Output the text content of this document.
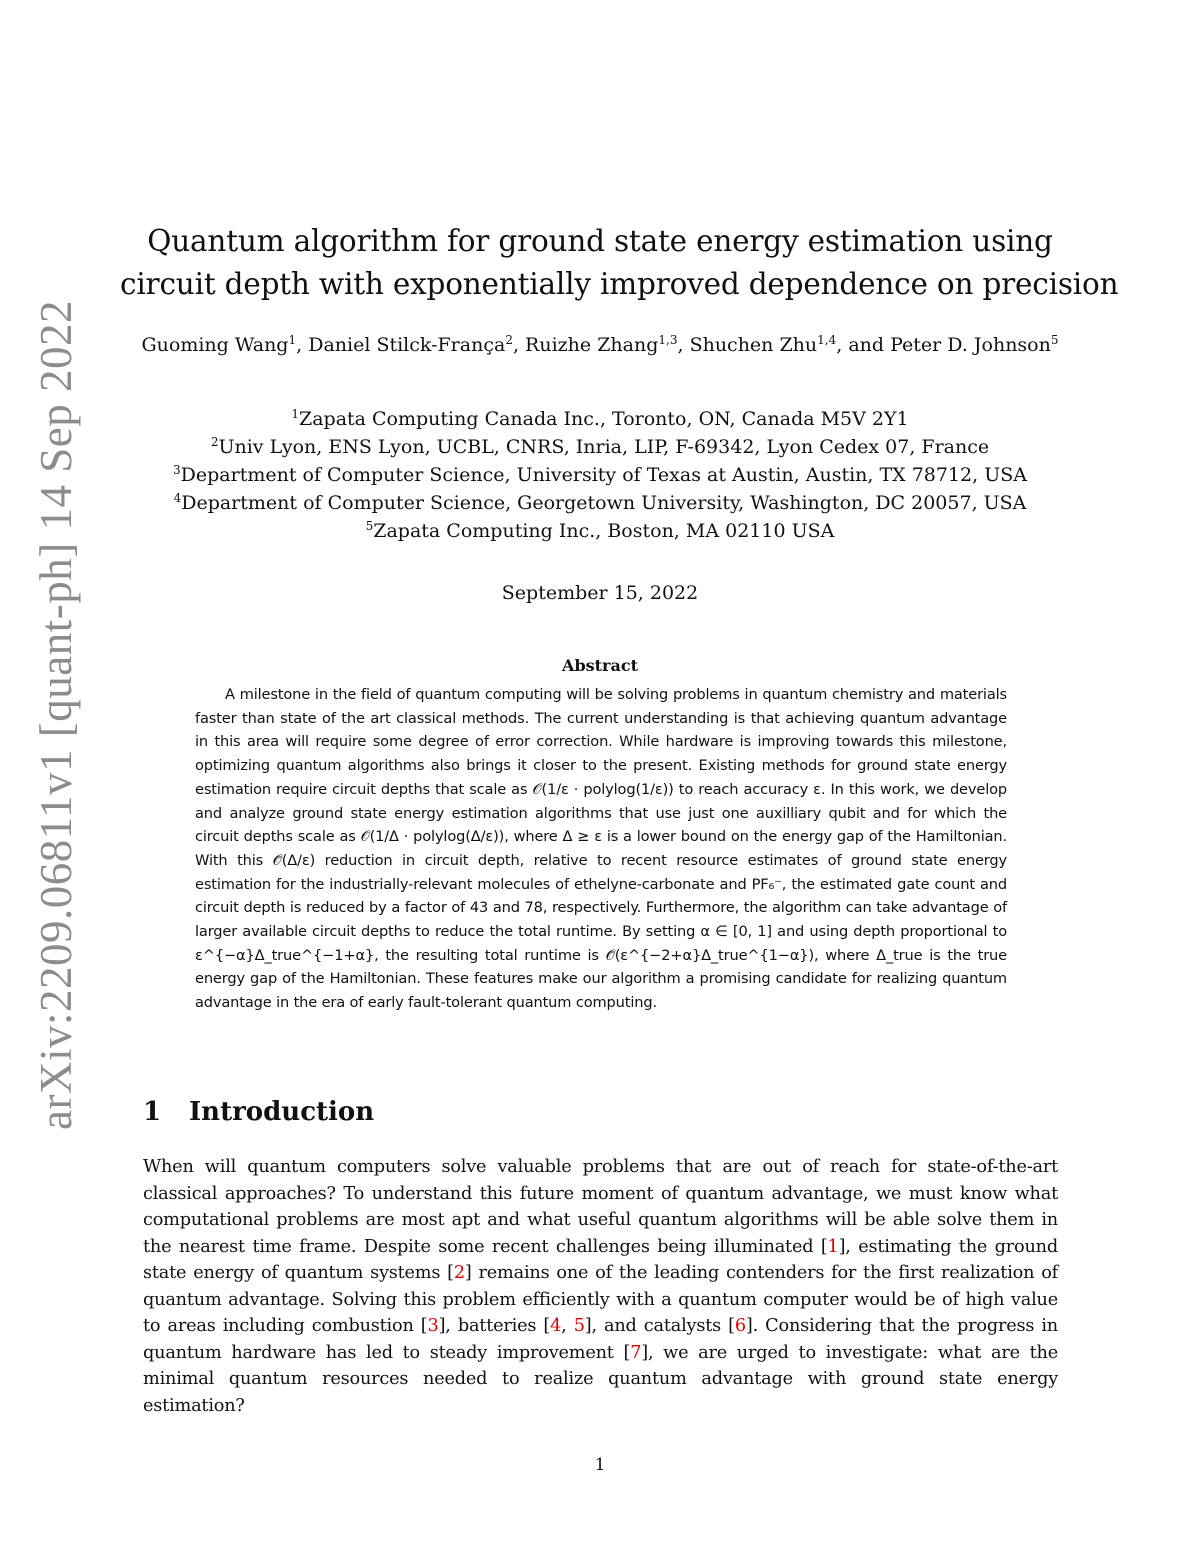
arXiv:2209.06811v1 [quant-ph] 14 Sep 2022
Quantum algorithm for ground state energy estimation using
circuit depth with exponentially improved dependence on precision
Guoming Wang$^1$, Daniel Stilck-França$^2$, Ruizhe Zhang$^{1,3}$, Shuchen Zhu$^{1,4}$, and Peter D. Johnson$^5$
$^1$Zapata Computing Canada Inc., Toronto, ON, Canada M5V 2Y1
$^2$Univ Lyon, ENS Lyon, UCBL, CNRS, Inria, LIP, F-69342, Lyon Cedex 07, France
$^3$Department of Computer Science, University of Texas at Austin, Austin, TX 78712, USA
$^4$Department of Computer Science, Georgetown University, Washington, DC 20057, USA
$^5$Zapata Computing Inc., Boston, MA 02110 USA
September 15, 2022
Abstract

A milestone in the field of quantum computing will be solving problems in quantum chemistry and materials faster than state of the art classical methods. The current understanding is that achieving quantum advantage in this area will require some degree of error correction. While hardware is improving towards this milestone, optimizing quantum algorithms also brings it closer to the present. Existing methods for ground state energy estimation require circuit depths that scale as 𝒪(1/ε · polylog(1/ε)) to reach accuracy ε. In this work, we develop and analyze ground state energy estimation algorithms that use just one auxilliary qubit and for which the circuit depths scale as 𝒪(1/Δ · polylog(Δ/ε)), where Δ ≥ ε is a lower bound on the energy gap of the Hamiltonian. With this 𝒪̃(Δ/ε) reduction in circuit depth, relative to recent resource estimates of ground state energy estimation for the industrially-relevant molecules of ethelyne-carbonate and PF₆⁻, the estimated gate count and circuit depth is reduced by a factor of 43 and 78, respectively. Furthermore, the algorithm can take advantage of larger available circuit depths to reduce the total runtime. By setting α ∈ [0, 1] and using depth proportional to ε^{−α}Δ_true^{−1+α}, the resulting total runtime is 𝒪̃(ε^{−2+α}Δ_true^{1−α}), where Δ_true is the true energy gap of the Hamiltonian. These features make our algorithm a promising candidate for realizing quantum advantage in the era of early fault-tolerant quantum computing.

1 Introduction

When will quantum computers solve valuable problems that are out of reach for state-of-the-art classical approaches? To understand this future moment of quantum advantage, we must know what computational problems are most apt and what useful quantum algorithms will be able solve them in the nearest time frame. Despite some recent challenges being illuminated [1], estimating the ground state energy of quantum systems [2] remains one of the leading contenders for the first realization of quantum advantage. Solving this problem efficiently with a quantum computer would be of high value to areas including combustion [3], batteries [4, 5], and catalysts [6]. Considering that the progress in quantum hardware has led to steady improvement [7], we are urged to investigate: what are the minimal quantum resources needed to realize quantum advantage with ground state energy estimation?

1
